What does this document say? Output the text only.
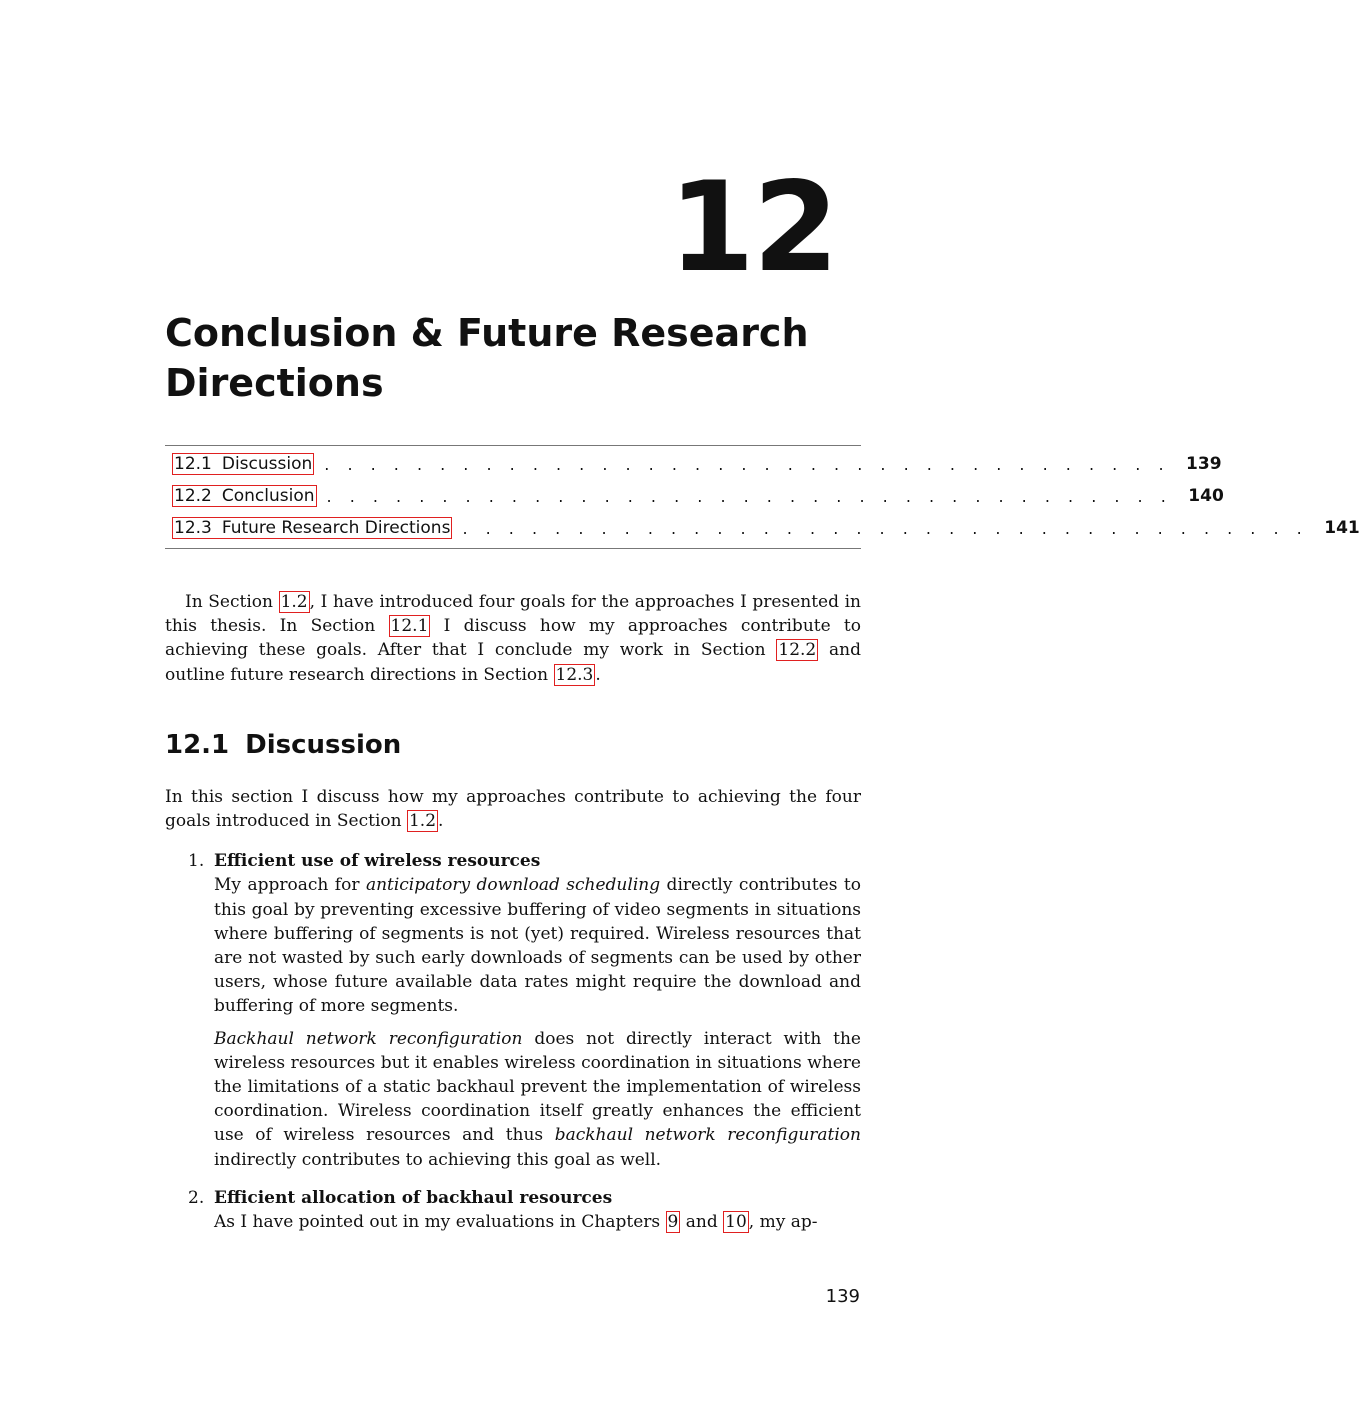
12
Conclusion & Future Research Directions
12.1 Discussion . . . . . . . . . . . . . . . . . . . . . . . . . . . . . . . . . . . . . 139
12.2 Conclusion . . . . . . . . . . . . . . . . . . . . . . . . . . . . . . . . . . . . . 140
12.3 Future Research Directions . . . . . . . . . . . . . . . . . . . . . . . . . . . . . . . . . . . . . 141

In Section 1.2 , I have introduced four goals for the approaches I presented in this thesis. In Section 12.1 I discuss how my approaches contribute to achieving these goals. After that I conclude my work in Section 12.2 and outline future research directions in Section 12.3 .

12.1 Discussion

In this section I discuss how my approaches contribute to achieving the four goals introduced in Section 1.2 .

1. Efficient use of wireless resources

My approach for anticipatory download scheduling directly contributes to this goal by preventing excessive buffering of video segments in situations where buffering of segments is not (yet) required. Wireless resources that are not wasted by such early downloads of segments can be used by other users, whose future available data rates might require the download and buffering of more segments.

Backhaul network reconfiguration does not directly interact with the wireless resources but it enables wireless coordination in situations where the limitations of a static backhaul prevent the implementation of wireless coordination. Wireless coordination itself greatly enhances the efficient use of wireless resources and thus backhaul network reconfiguration indirectly contributes to achieving this goal as well.

2. Efficient allocation of backhaul resources

As I have pointed out in my evaluations in Chapters 9 and 10 , my ap-

139
